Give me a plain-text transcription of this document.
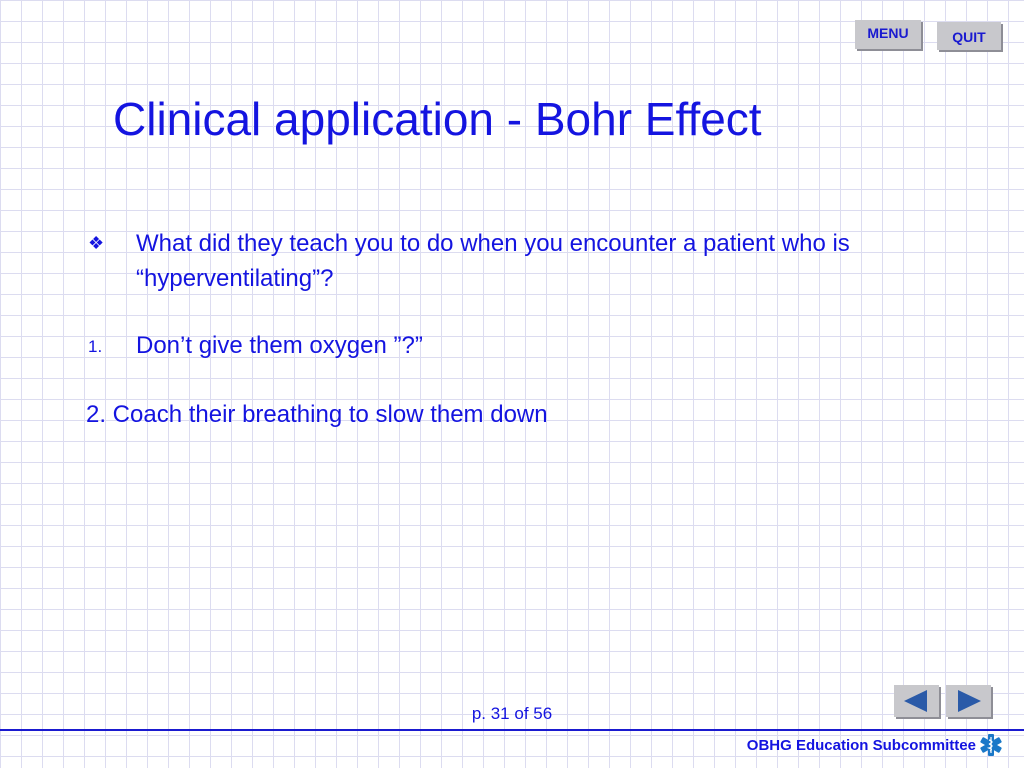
MENU	QUIT
Clinical application - Bohr Effect
❖ What did they teach you to do when you encounter a patient who is
“hyperventilating”?
1. Don’t give them oxygen ”?”
2. Coach their breathing to slow them down
p. 31 of 56
OBHG Education Subcommittee
